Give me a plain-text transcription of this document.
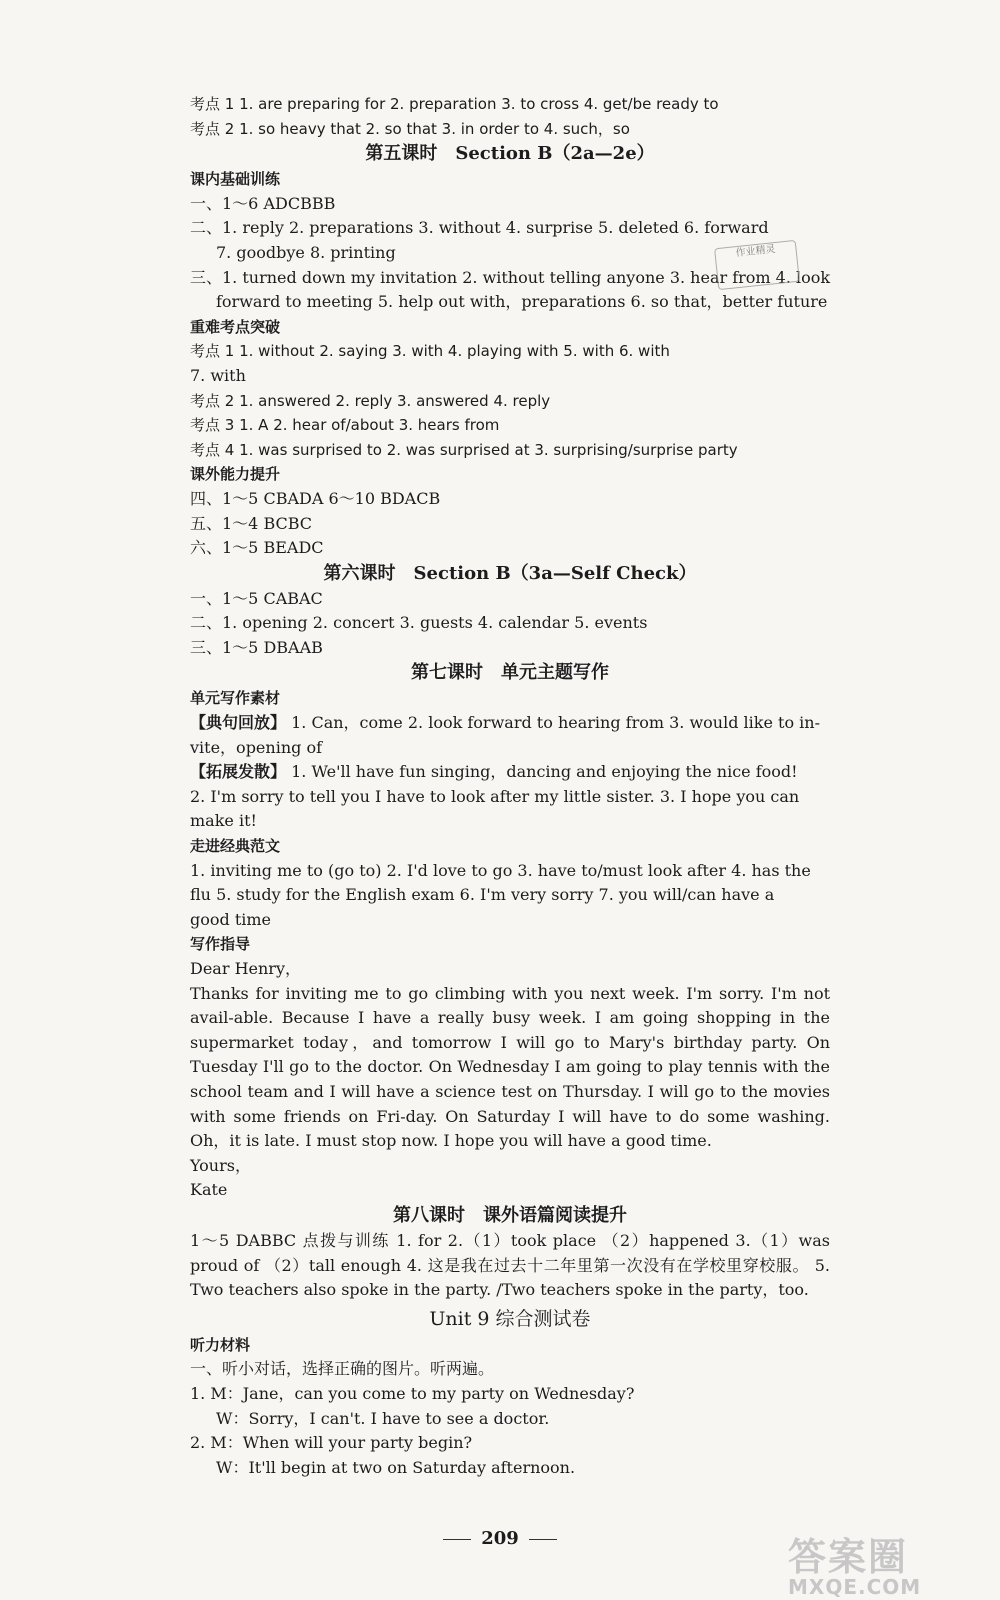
考点 1 1. are preparing for 2. preparation 3. to cross 4. get/be ready to
考点 2 1. so heavy that 2. so that 3. in order to 4. such，so
第五课时 Section B（2a—2e）
课内基础训练
一、1～6 ADCBBB
二、1. reply 2. preparations 3. without 4. surprise 5. deleted 6. forward
7. goodbye 8. printing
三、1. turned down my invitation 2. without telling anyone 3. hear from 4. look
forward to meeting 5. help out with，preparations 6. so that，better future
重难考点突破
考点 1 1. without 2. saying 3. with 4. playing with 5. with 6. with
7. with
考点 2 1. answered 2. reply 3. answered 4. reply
考点 3 1. A 2. hear of/about 3. hears from
考点 4 1. was surprised to 2. was surprised at 3. surprising/surprise party
课外能力提升
四、1～5 CBADA 6～10 BDACB
五、1～4 BCBC
六、1～5 BEADC
第六课时 Section B（3a—Self Check）
一、1～5 CABAC
二、1. opening 2. concert 3. guests 4. calendar 5. events
三、1～5 DBAAB
第七课时 单元主题写作
单元写作素材
【典句回放】 1. Can，come 2. look forward to hearing from 3. would like to in-
vite，opening of
【拓展发散】 1. We'll have fun singing，dancing and enjoying the nice food!
2. I'm sorry to tell you I have to look after my little sister. 3. I hope you can
make it!
走进经典范文
1. inviting me to (go to) 2. I'd love to go 3. have to/must look after 4. has the
flu 5. study for the English exam 6. I'm very sorry 7. you will/can have a
good time
写作指导
Dear Henry，
Thanks for inviting me to go climbing with you next week. I'm sorry. I'm not avail-able. Because I have a really busy week. I am going shopping in the supermarket today，and tomorrow I will go to Mary's birthday party. On Tuesday I'll go to the doctor. On Wednesday I am going to play tennis with the school team and I will have a science test on Thursday. I will go to the movies with some friends on Fri-day. On Saturday I will have to do some washing. Oh，it is late. I must stop now. I hope you will have a good time.
Yours，
Kate
第八课时 课外语篇阅读提升
1～5 DABBC 点拨与训练 1. for 2.（1）took place （2）happened 3.（1）was proud of （2）tall enough 4. 这是我在过去十二年里第一次没有在学校里穿校服。 5. Two teachers also spoke in the party. /Two teachers spoke in the party，too.
Unit 9 综合测试卷
听力材料
一、听小对话，选择正确的图片。听两遍。
1. M：Jane，can you come to my party on Wednesday?
W：Sorry，I can't. I have to see a doctor.
2. M：When will your party begin?
W：It'll begin at two on Saturday afternoon.
作业精灵
209	答案圈
MXQE.COM
